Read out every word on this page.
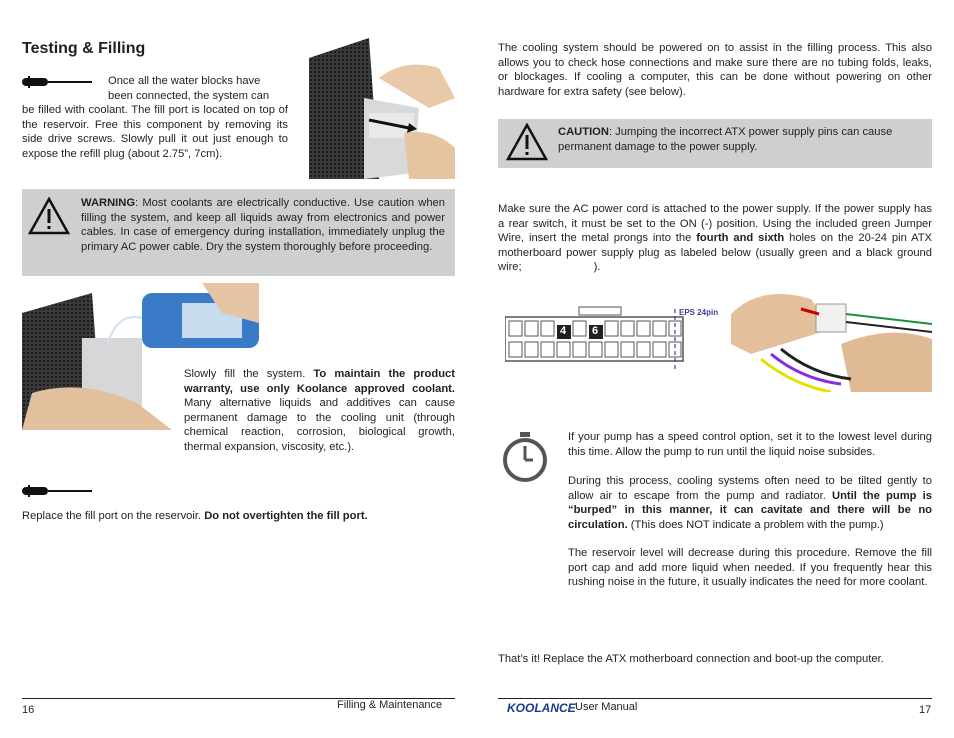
Testing & Filling

Once all the water blocks have

been connected, the system can

be filled with coolant. The fill port is located on top of the reservoir. Free this component by removing its side drive screws. Slowly pull it out just enough to expose the refill plug (about 2.75”, 7cm).

WARNING: Most coolants are electrically conductive. Use caution when filling the system, and keep all liquids away from electronics and power cables. In case of emergency during installation, immediately unplug the primary AC power cable. Dry the system thoroughly before proceeding.

Slowly fill the system. To maintain the product warranty, use only Koolance approved coolant. Many alternative liquids and additives can cause permanent damage to the cooling unit (through chemical reaction, corrosion, biological growth, thermal expansion, viscosity, etc.).

Replace the fill port on the reservoir. Do not overtighten the fill port.

16	Filling & Maintenance

The cooling system should be powered on to assist in the filling process. This also allows you to check hose connections and make sure there are no tubing folds, leaks, or blockages. If cooling a computer, this can be done without powering on other hardware for extra safety (see below).

CAUTION: Jumping the incorrect ATX power supply pins can cause permanent damage to the power supply.

Make sure the AC power cord is attached to the power supply. If the power supply has a rear switch, it must be set to the ON (-) position. Using the included green Jumper Wire, insert the metal prongs into the fourth and sixth holes on the 20-24 pin ATX motherboard power supply plug as labeled below (usually green and a black ground wire;	).

4 6
EPS 24pin

If your pump has a speed control option, set it to the lowest level during this time. Allow the pump to run until the liquid noise subsides.

During this process, cooling systems often need to be tilted gently to allow air to escape from the pump and radiator. Until the pump is “burped” in this manner, it can cavitate and there will be no circulation. (This does NOT indicate a problem with the pump.)

The reservoir level will decrease during this procedure. Remove the fill port cap and add more liquid when needed. If you frequently hear this rushing noise in the future, it usually indicates the need for more coolant.

That’s it! Replace the ATX motherboard connection and boot-up the computer.

KOOLANCE User Manual	17
